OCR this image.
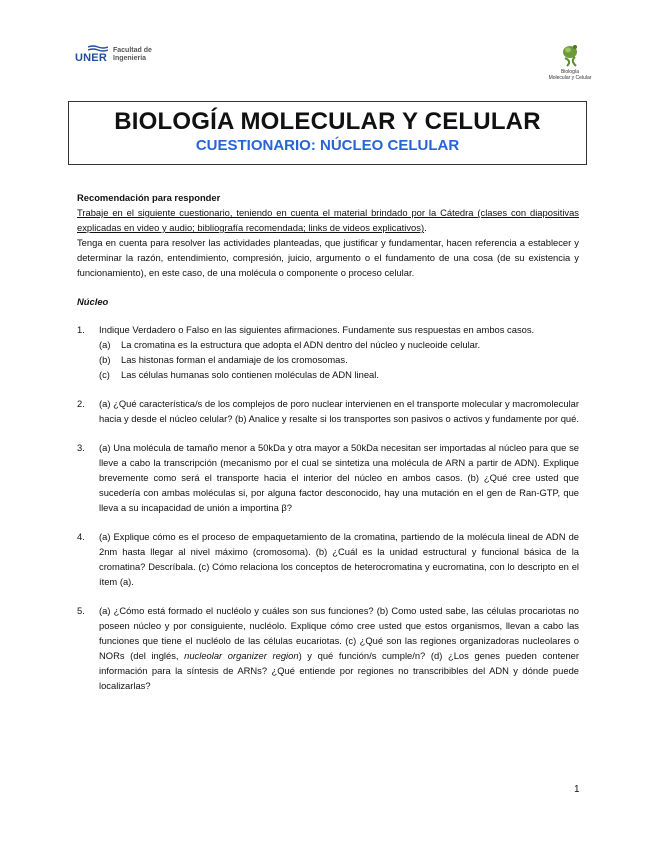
UNER
Facultad de
Ingeniería
Biología
Molecular y Celular
BIOLOGÍA MOLECULAR Y CELULAR
CUESTIONARIO: NÚCLEO CELULAR
Recomendación para responder
Trabaje en el siguiente cuestionario, teniendo en cuenta el material brindado por la Cátedra (clases con diapositivas explicadas en video y audio; bibliografía recomendada; links de videos explicativos).
Tenga en cuenta para resolver las actividades planteadas, que justificar y fundamentar, hacen referencia a establecer y determinar la razón, entendimiento, compresión, juicio, argumento o el fundamento de una cosa (de su existencia y funcionamiento), en este caso, de una molécula o componente o proceso celular.
Núcleo
1.	Indique Verdadero o Falso en las siguientes afirmaciones. Fundamente sus respuestas en ambos casos.
(a)	La cromatina es la estructura que adopta el ADN dentro del núcleo y nucleoide celular.
(b)	Las histonas forman el andamiaje de los cromosomas.
(c)	Las células humanas solo contienen moléculas de ADN lineal.
2.	(a) ¿Qué característica/s de los complejos de poro nuclear intervienen en el transporte molecular y macromolecular hacia y desde el núcleo celular? (b) Analice y resalte si los transportes son pasivos o activos y fundamente por qué.
3.	(a) Una molécula de tamaño menor a 50kDa y otra mayor a 50kDa necesitan ser importadas al núcleo para que se lleve a cabo la transcripción (mecanismo por el cual se sintetiza una molécula de ARN a partir de ADN). Explique brevemente como será el transporte hacia el interior del núcleo en ambos casos. (b) ¿Qué cree usted que sucedería con ambas moléculas si, por alguna factor desconocido, hay una mutación en el gen de Ran-GTP, que lleva a su incapacidad de unión a importina β?
4.	(a) Explique cómo es el proceso de empaquetamiento de la cromatina, partiendo de la molécula lineal de ADN de 2nm hasta llegar al nivel máximo (cromosoma). (b) ¿Cuál es la unidad estructural y funcional básica de la cromatina? Descríbala. (c) Cómo relaciona los conceptos de heterocromatina y eucromatina, con lo descripto en el ítem (a).
5.	(a) ¿Cómo está formado el nucléolo y cuáles son sus funciones? (b) Como usted sabe, las células procariotas no poseen núcleo y por consiguiente, nucléolo. Explique cómo cree usted que estos organismos, llevan a cabo las funciones que tiene el nucléolo de las células eucariotas. (c) ¿Qué son las regiones organizadoras nucleolares o NORs (del inglés, nucleolar organizer region) y qué función/s cumple/n? (d) ¿Los genes pueden contener información para la síntesis de ARNs? ¿Qué entiende por regiones no transcribibles del ADN y dónde puede localizarlas?
1
